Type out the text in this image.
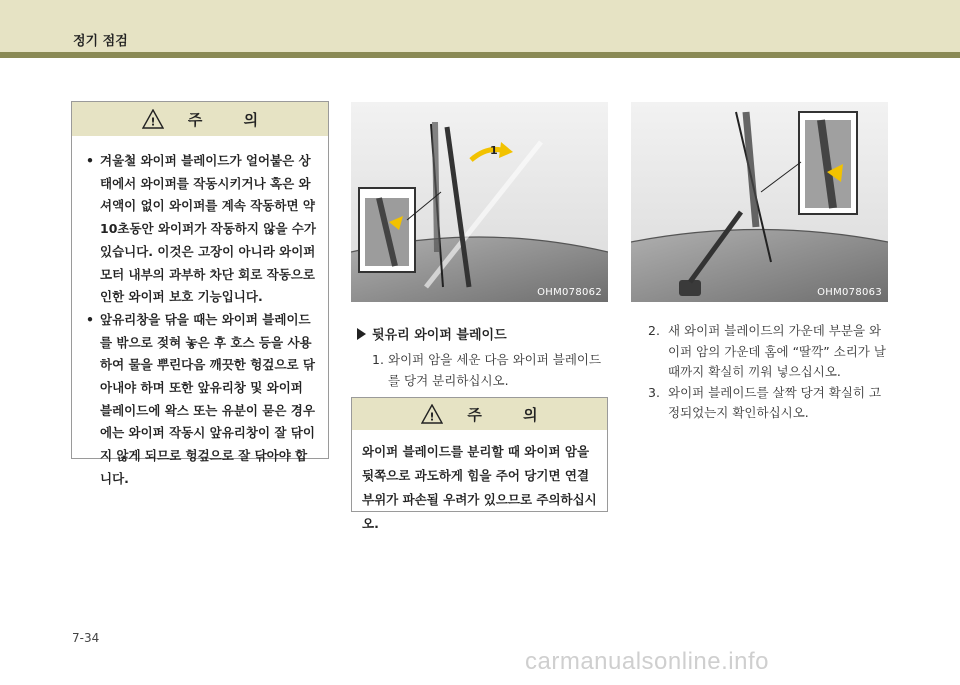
정기 점검
! 주 의
• 겨울철 와이퍼 블레이드가 얼어붙은 상태에서 와이퍼를 작동시키거나 혹은 와셔액이 없이 와이퍼를 계속 작동하면 약 10초동안 와이퍼가 작동하지 않을 수가 있습니다. 이것은 고장이 아니라 와이퍼모터 내부의 과부하 차단 회로 작동으로 인한 와이퍼 보호 기능입니다.
• 앞유리창을 닦을 때는 와이퍼 블레이드를 밖으로 젖혀 놓은 후 호스 등을 사용하여 물을 뿌린다음 깨끗한 헝겊으로 닦아내야 하며 또한 앞유리창 및 와이퍼 블레이드에 왁스 또는 유분이 묻은 경우에는 와이퍼 작동시 앞유리창이 잘 닦이지 않게 되므로 헝겊으로 잘 닦아야 합니다.
1
OHM078062	OHM078063
뒷유리 와이퍼 블레이드
1. 와이퍼 암을 세운 다음 와이퍼 블레이드를 당겨 분리하십시오.
! 주 의
와이퍼 블레이드를 분리할 때 와이퍼 암을 뒷쪽으로 과도하게 힘을 주어 당기면 연결 부위가 파손될 우려가 있으므로 주의하십시오.
2. 새 와이퍼 블레이드의 가운데 부분을 와이퍼 암의 가운데 홈에 “딸깍” 소리가 날 때까지 확실히 끼워 넣으십시오.
3. 와이퍼 블레이드를 살짝 당겨 확실히 고정되었는지 확인하십시오.
7-34
carmanualsonline.info
